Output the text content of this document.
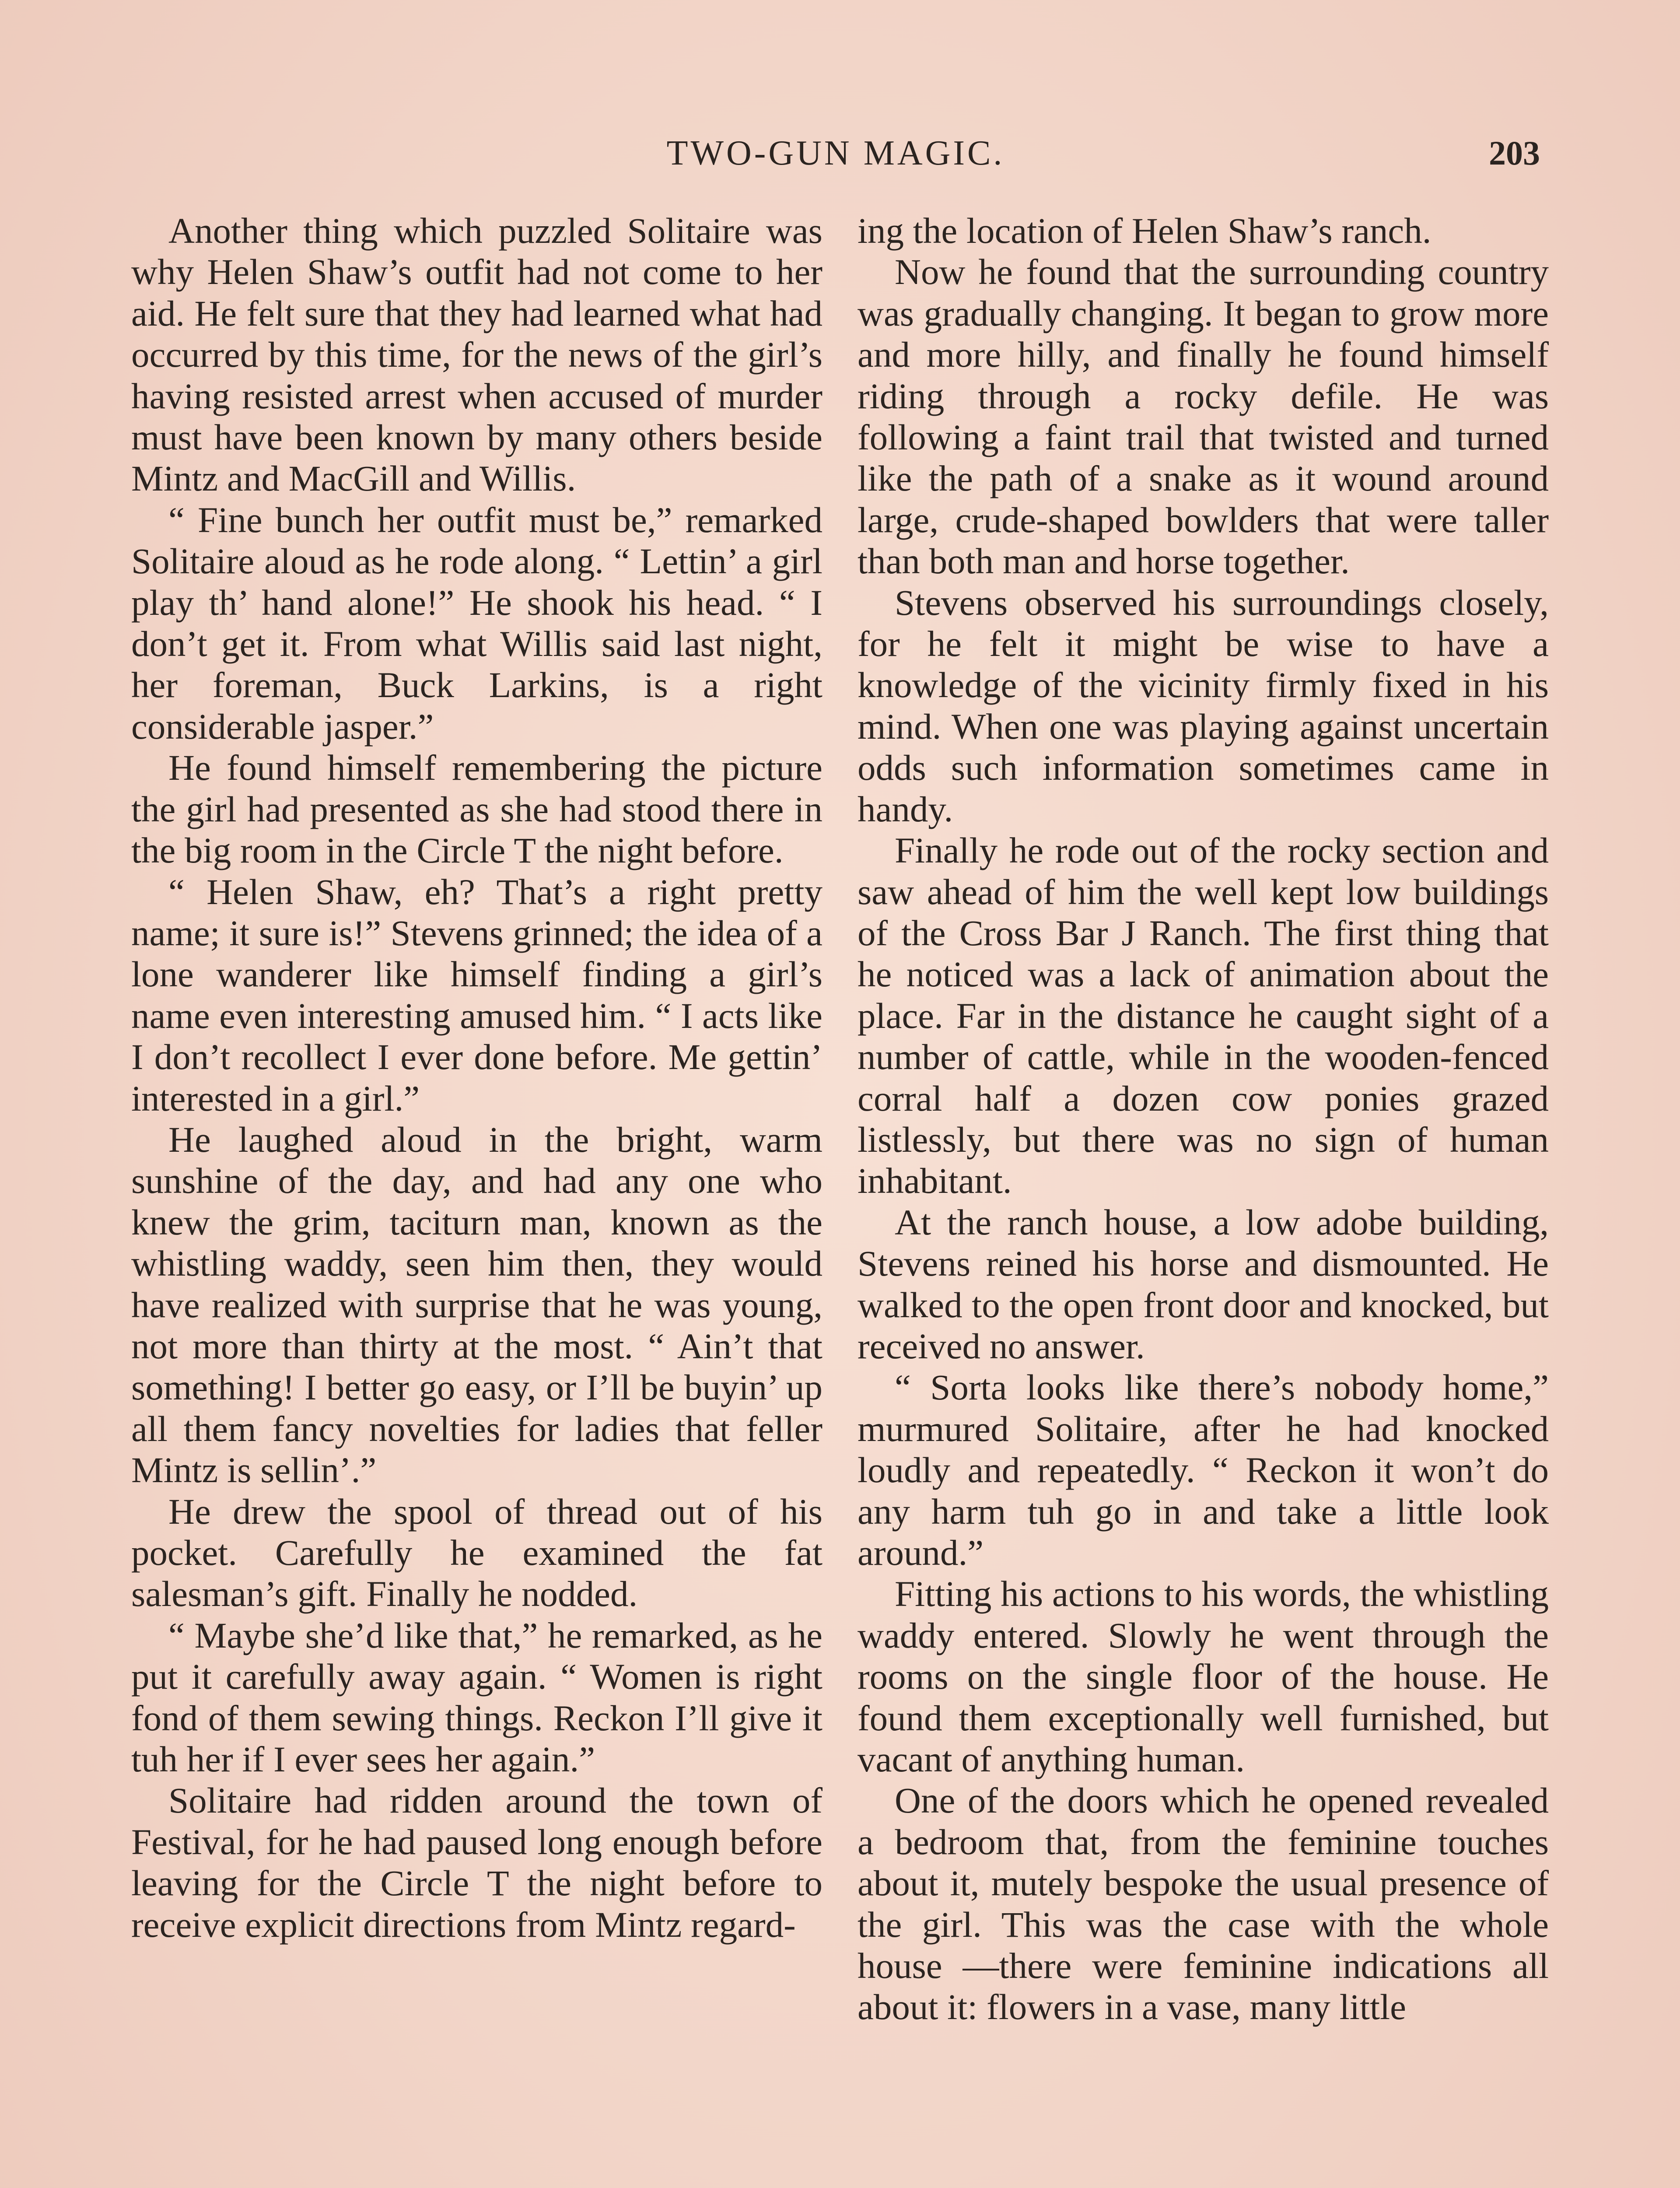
TWO-GUN MAGIC.	203

Another thing which puzzled Solitaire was why Helen Shaw’s outfit had not come to her aid. He felt sure that they had learned what had occurred by this time, for the news of the girl’s having resisted arrest when accused of murder must have been known by many others beside Mintz and MacGill and Willis.

“ Fine bunch her outfit must be,” remarked Solitaire aloud as he rode along. “ Lettin’ a girl play th’ hand alone!” He shook his head. “ I don’t get it. From what Willis said last night, her foreman, Buck Larkins, is a right considerable jasper.”

He found himself remembering the picture the girl had presented as she had stood there in the big room in the Circle T the night before.

“ Helen Shaw, eh? That’s a right pretty name; it sure is!” Stevens grinned; the idea of a lone wanderer like himself finding a girl’s name even interesting amused him. “ I acts like I don’t recollect I ever done before. Me gettin’ interested in a girl.”

He laughed aloud in the bright, warm sunshine of the day, and had any one who knew the grim, taciturn man, known as the whistling waddy, seen him then, they would have realized with surprise that he was young, not more than thirty at the most. “ Ain’t that something! I better go easy, or I’ll be buyin’ up all them fancy novelties for ladies that feller Mintz is sellin’.”

He drew the spool of thread out of his pocket. Carefully he examined the fat salesman’s gift. Finally he nodded.

“ Maybe she’d like that,” he remarked, as he put it carefully away again. “ Women is right fond of them sewing things. Reckon I’ll give it tuh her if I ever sees her again.”

Solitaire had ridden around the town of Festival, for he had paused long enough before leaving for the Circle T the night before to receive explicit directions from Mintz regard-

ing the location of Helen Shaw’s ranch.

Now he found that the surrounding country was gradually changing. It began to grow more and more hilly, and finally he found himself riding through a rocky defile. He was following a faint trail that twisted and turned like the path of a snake as it wound around large, crude-shaped bowlders that were taller than both man and horse together.

Stevens observed his surroundings closely, for he felt it might be wise to have a knowledge of the vicinity firmly fixed in his mind. When one was playing against uncertain odds such information sometimes came in handy.

Finally he rode out of the rocky section and saw ahead of him the well kept low buildings of the Cross Bar J Ranch. The first thing that he noticed was a lack of animation about the place. Far in the distance he caught sight of a number of cattle, while in the wooden-fenced corral half a dozen cow ponies grazed listlessly, but there was no sign of human inhabitant.

At the ranch house, a low adobe building, Stevens reined his horse and dismounted. He walked to the open front door and knocked, but received no answer.

“ Sorta looks like there’s nobody home,” murmured Solitaire, after he had knocked loudly and repeatedly. “ Reckon it won’t do any harm tuh go in and take a little look around.”

Fitting his actions to his words, the whistling waddy entered. Slowly he went through the rooms on the single floor of the house. He found them exceptionally well furnished, but vacant of anything human.

One of the doors which he opened revealed a bedroom that, from the feminine touches about it, mutely bespoke the usual presence of the girl. This was the case with the whole house —there were feminine indications all about it: flowers in a vase, many little
